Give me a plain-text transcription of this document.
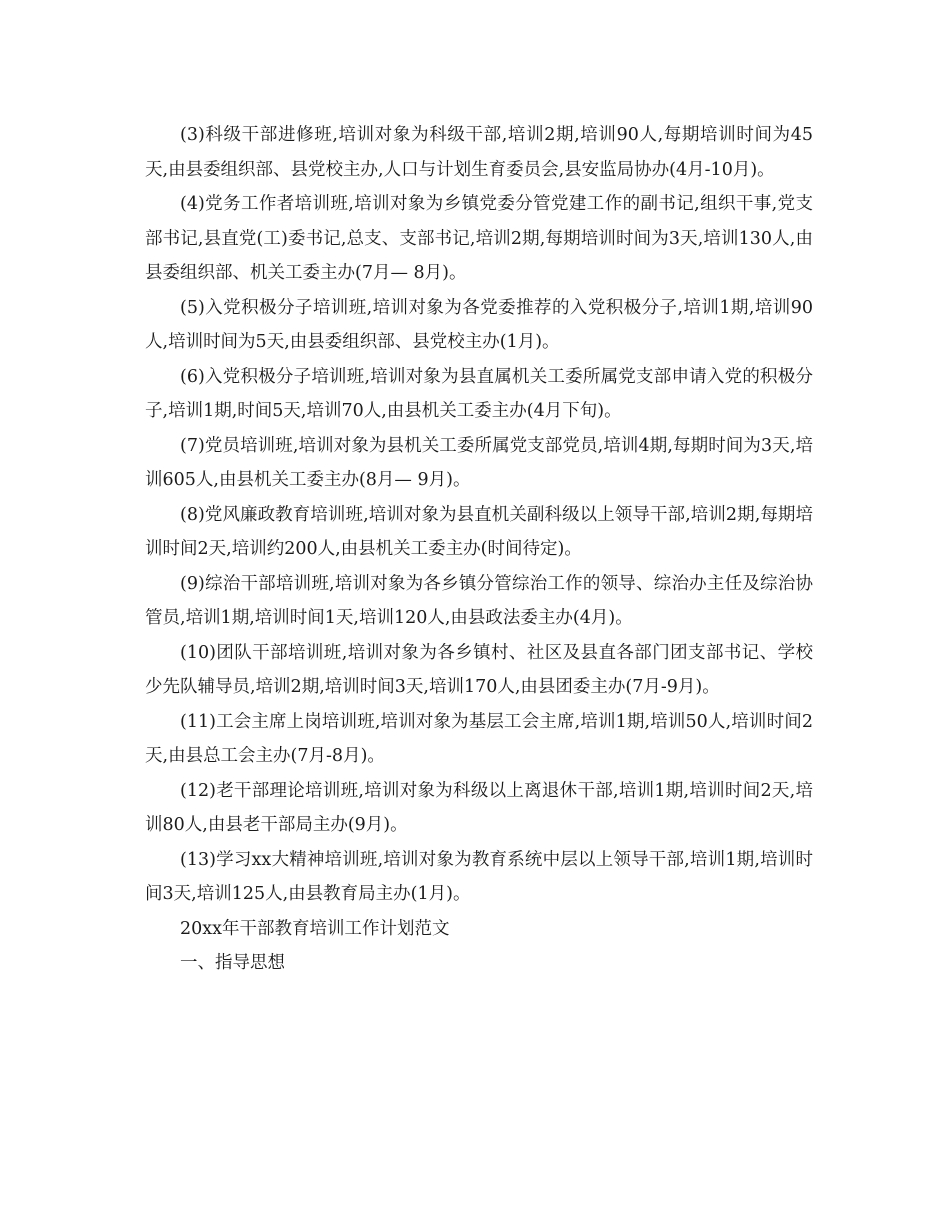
(3)科级干部进修班,培训对象为科级干部,培训2期,培训90人,每期培训时间为45天,由县委组织部、县党校主办,人口与计划生育委员会,县安监局协办(4月-10月)。

(4)党务工作者培训班,培训对象为乡镇党委分管党建工作的副书记,组织干事,党支部书记,县直党(工)委书记,总支、支部书记,培训2期,每期培训时间为3天,培训130人,由县委组织部、机关工委主办(7月— 8月)。

(5)入党积极分子培训班,培训对象为各党委推荐的入党积极分子,培训1期,培训90人,培训时间为5天,由县委组织部、县党校主办(1月)。

(6)入党积极分子培训班,培训对象为县直属机关工委所属党支部申请入党的积极分子,培训1期,时间5天,培训70人,由县机关工委主办(4月下旬)。

(7)党员培训班,培训对象为县机关工委所属党支部党员,培训4期,每期时间为3天,培训605人,由县机关工委主办(8月— 9月)。

(8)党风廉政教育培训班,培训对象为县直机关副科级以上领导干部,培训2期,每期培训时间2天,培训约200人,由县机关工委主办(时间待定)。

(9)综治干部培训班,培训对象为各乡镇分管综治工作的领导、综治办主任及综治协管员,培训1期,培训时间1天,培训120人,由县政法委主办(4月)。

(10)团队干部培训班,培训对象为各乡镇村、社区及县直各部门团支部书记、学校少先队辅导员,培训2期,培训时间3天,培训170人,由县团委主办(7月-9月)。

(11)工会主席上岗培训班,培训对象为基层工会主席,培训1期,培训50人,培训时间2天,由县总工会主办(7月-8月)。

(12)老干部理论培训班,培训对象为科级以上离退休干部,培训1期,培训时间2天,培训80人,由县老干部局主办(9月)。

(13)学习xx大精神培训班,培训对象为教育系统中层以上领导干部,培训1期,培训时间3天,培训125人,由县教育局主办(1月)。

20xx年干部教育培训工作计划范文

一、指导思想
